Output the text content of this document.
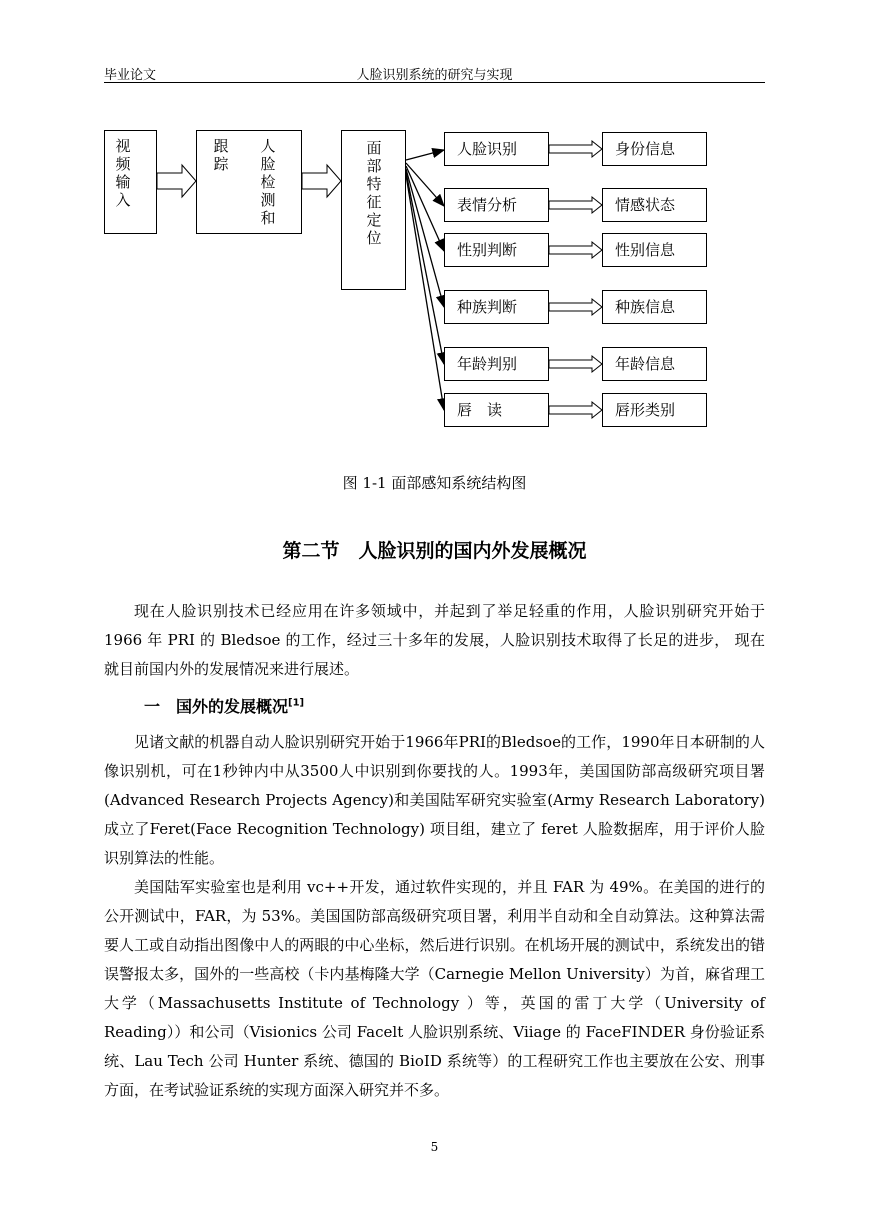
毕业论文	人脸识别系统的研究与实现
视频输入
跟踪
人脸检测和
面部特征定位
人脸识别
表情分析
性别判断
种族判断
年龄判别
唇　读
身份信息
情感状态
性别信息
种族信息
年龄信息
唇形类别
图 1-1 面部感知系统结构图
第二节　人脸识别的国内外发展概况

现在人脸识别技术已经应用在许多领域中，并起到了举足轻重的作用，人脸识别研究开始于 1966 年 PRI 的 Bledsoe 的工作，经过三十多年的发展，人脸识别技术取得了长足的进步， 现在就目前国内外的发展情况来进行展述。

一　国外的发展概况[1]

见诸文献的机器自动人脸识别研究开始于1966年PRI的Bledsoe的工作，1990年日本研制的人像识别机，可在1秒钟内中从3500人中识别到你要找的人。1993年，美国国防部高级研究项目署 (Advanced Research Projects Agency)和美国陆军研究实验室(Army Research Laboratory)成立了Feret(Face Recognition Technology) 项目组，建立了 feret 人脸数据库，用于评价人脸识别算法的性能。

美国陆军实验室也是利用 vc++开发，通过软件实现的，并且 FAR 为 49%。在美国的进行的公开测试中，FAR，为 53%。美国国防部高级研究项目署，利用半自动和全自动算法。这种算法需要人工或自动指出图像中人的两眼的中心坐标，然后进行识别。在机场开展的测试中，系统发出的错误警报太多，国外的一些高校（卡内基梅隆大学（Carnegie Mellon University）为首，麻省理工大学（Massachusetts Institute of Technology ）等，英国的雷丁大学（University of Reading））和公司（Visionics 公司 Facelt 人脸识别系统、Viiage 的 FaceFINDER 身份验证系统、Lau Tech 公司 Hunter 系统、德国的 BioID 系统等）的工程研究工作也主要放在公安、刑事方面，在考试验证系统的实现方面深入研究并不多。

5
